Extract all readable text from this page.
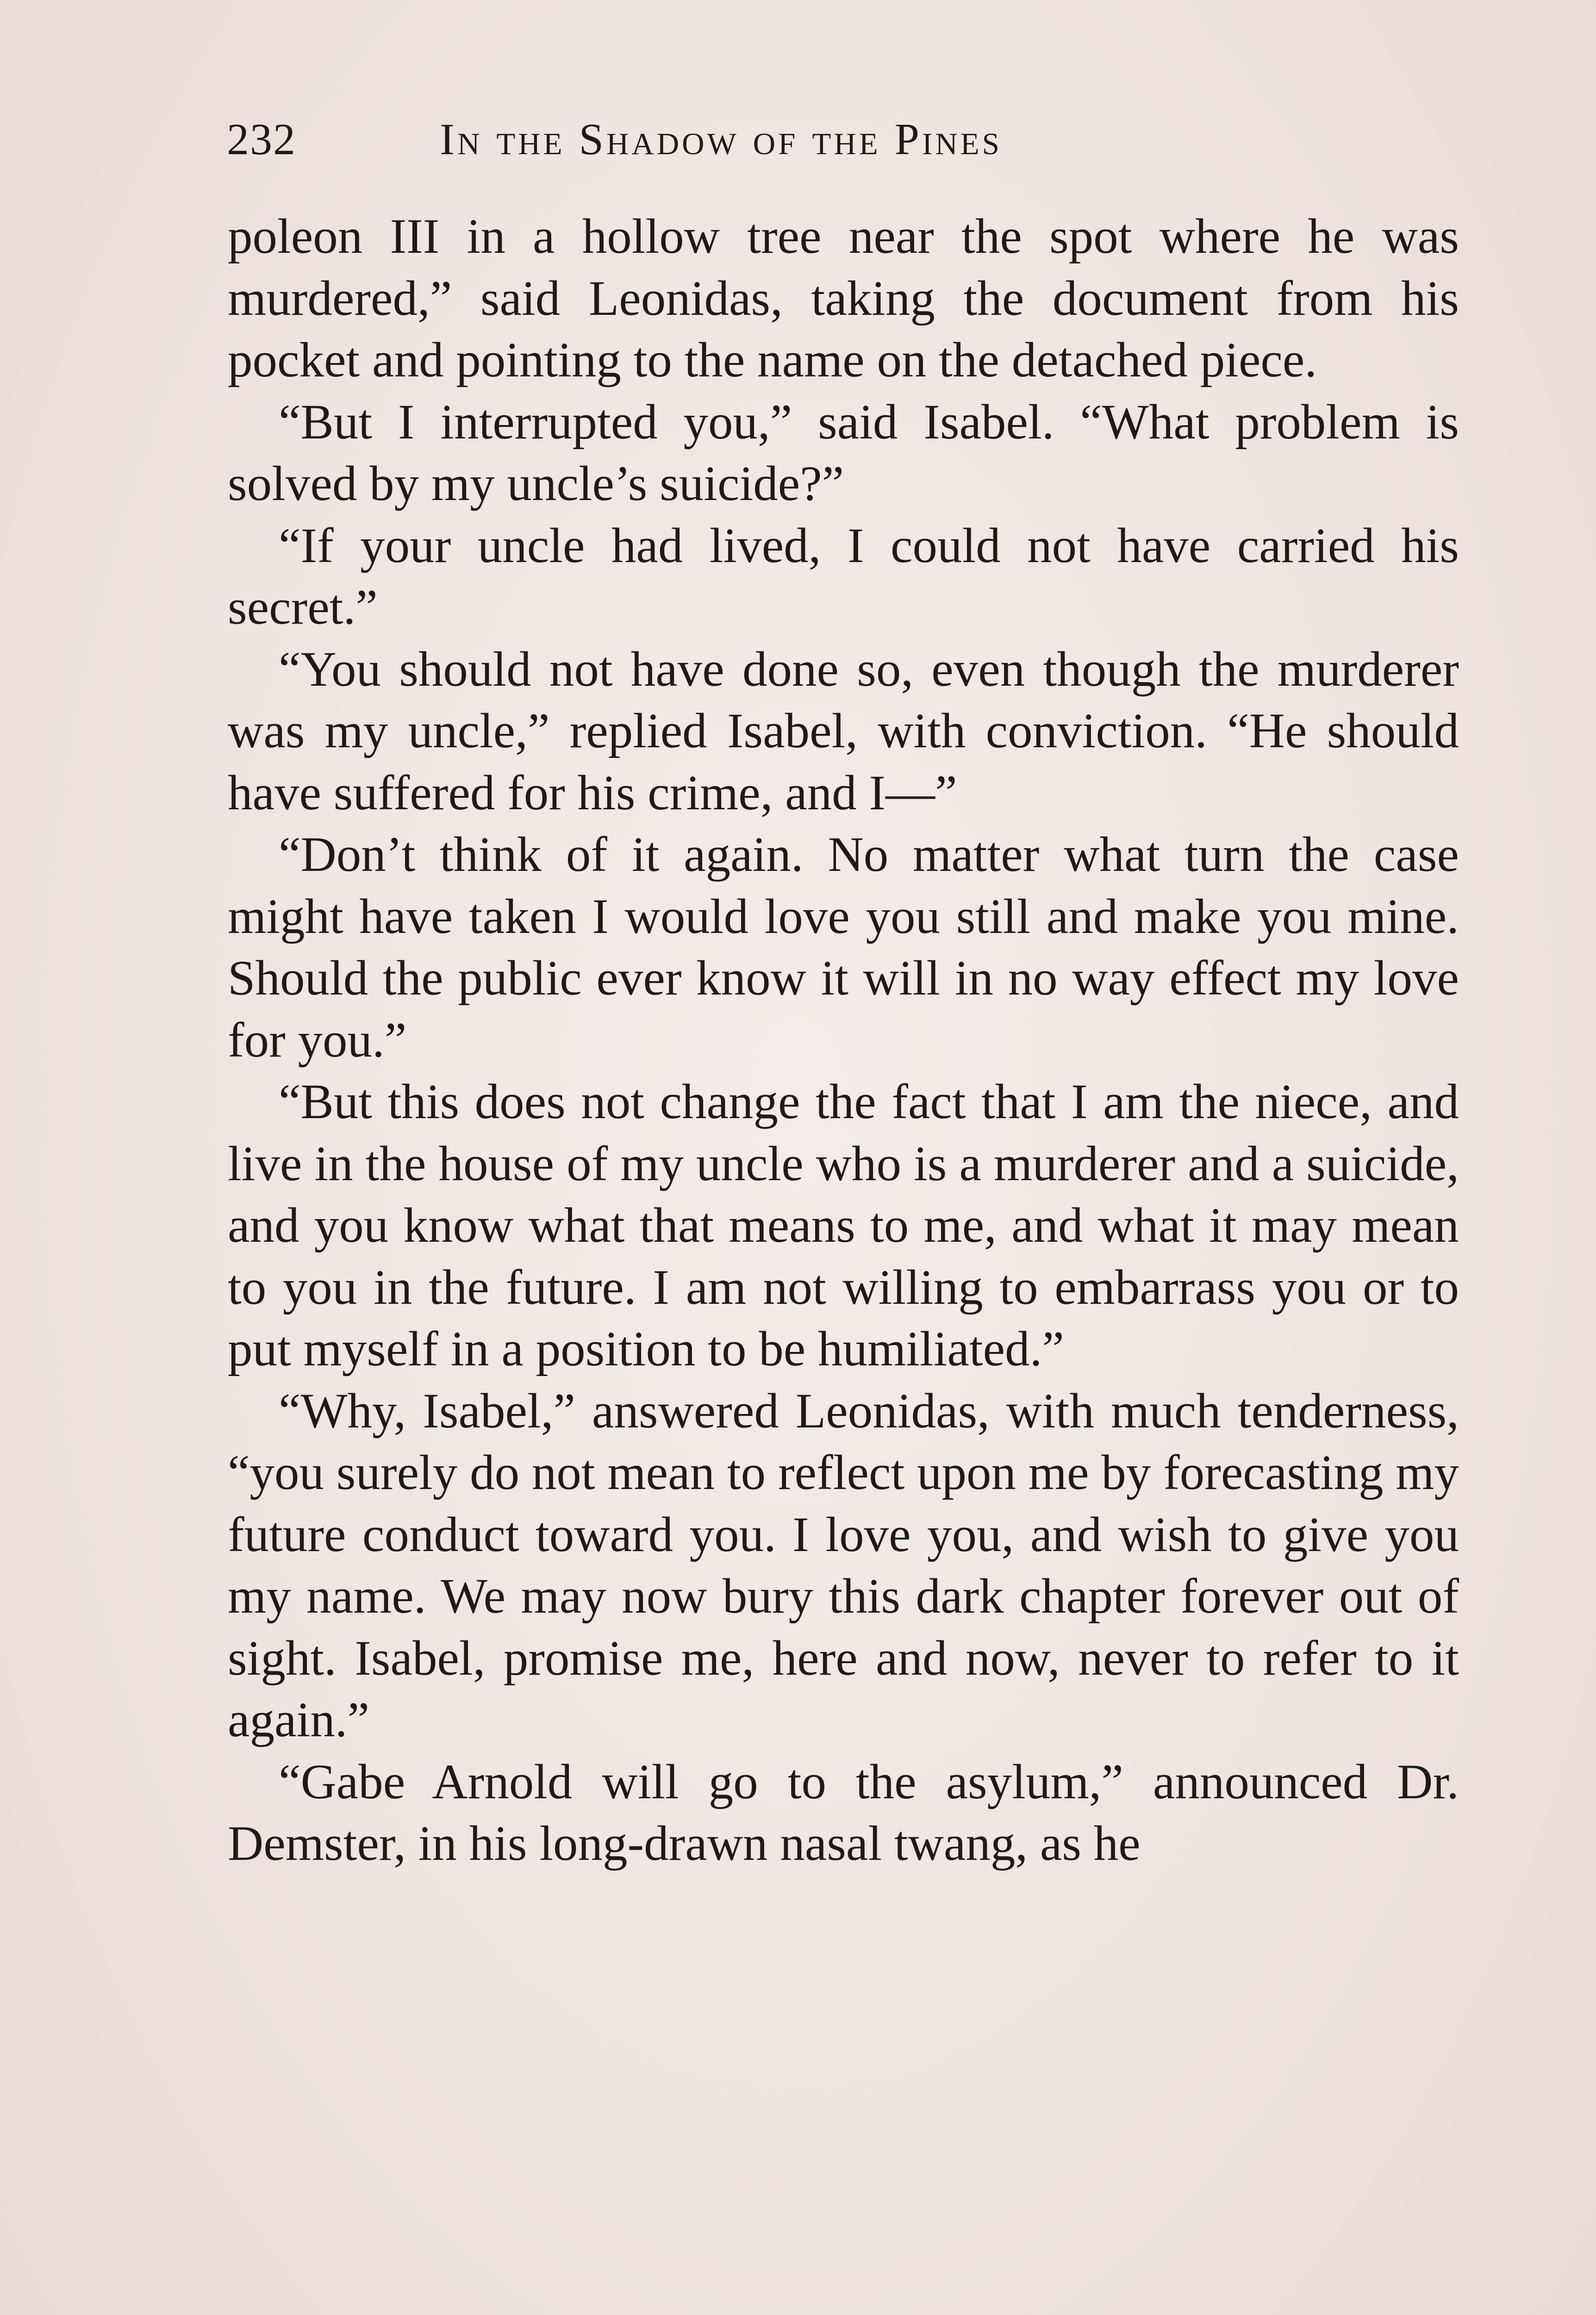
232	In the Shadow of the Pines

poleon III in a hollow tree near the spot where he was murdered,” said Leonidas, taking the document from his pocket and pointing to the name on the detached piece.

“But I interrupted you,” said Isabel. “What problem is solved by my uncle’s suicide?”

“If your uncle had lived, I could not have carried his secret.”

“You should not have done so, even though the murderer was my uncle,” replied Isabel, with conviction. “He should have suffered for his crime, and I—”

“Don’t think of it again. No matter what turn the case might have taken I would love you still and make you mine. Should the public ever know it will in no way effect my love for you.”

“But this does not change the fact that I am the niece, and live in the house of my uncle who is a murderer and a suicide, and you know what that means to me, and what it may mean to you in the future. I am not willing to embarrass you or to put myself in a position to be humiliated.”

“Why, Isabel,” answered Leonidas, with much tenderness, “you surely do not mean to reflect upon me by forecasting my future conduct toward you. I love you, and wish to give you my name. We may now bury this dark chapter forever out of sight. Isabel, promise me, here and now, never to refer to it again.”

“Gabe Arnold will go to the asylum,” announced Dr. Demster, in his long-drawn nasal twang, as he
